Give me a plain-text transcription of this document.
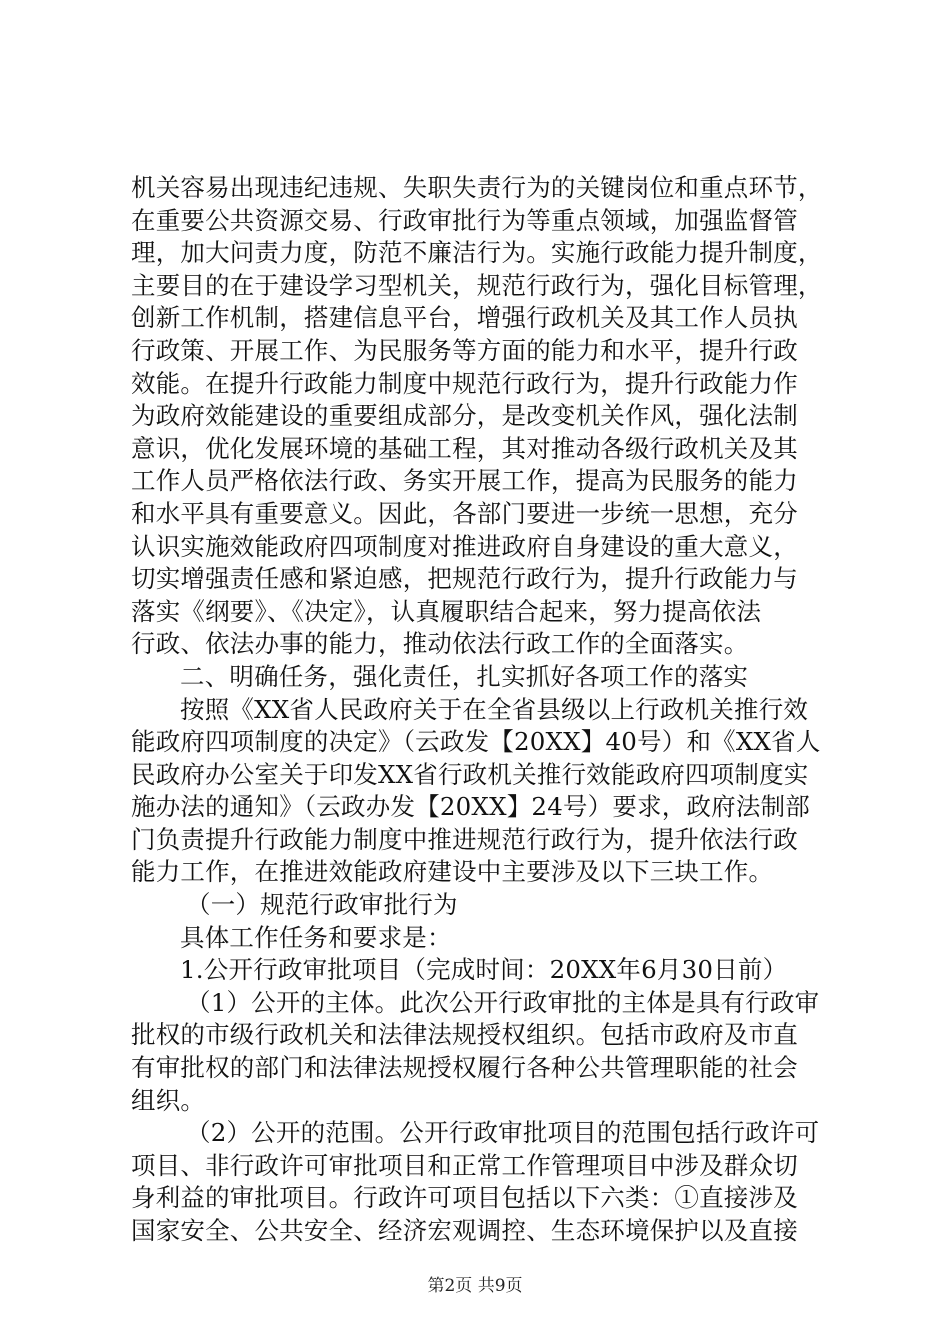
机关容易出现违纪违规、失职失责行为的关键岗位和重点环节，
在重要公共资源交易、行政审批行为等重点领域，加强监督管
理，加大问责力度，防范不廉洁行为。实施行政能力提升制度，
主要目的在于建设学习型机关，规范行政行为，强化目标管理，
创新工作机制，搭建信息平台，增强行政机关及其工作人员执
行政策、开展工作、为民服务等方面的能力和水平，提升行政
效能。在提升行政能力制度中规范行政行为，提升行政能力作
为政府效能建设的重要组成部分，是改变机关作风，强化法制
意识，优化发展环境的基础工程，其对推动各级行政机关及其
工作人员严格依法行政、务实开展工作，提高为民服务的能力
和水平具有重要意义。因此，各部门要进一步统一思想，充分
认识实施效能政府四项制度对推进政府自身建设的重大意义，
切实增强责任感和紧迫感，把规范行政行为，提升行政能力与
落实《纲要》、《决定》，认真履职结合起来，努力提高依法
行政、依法办事的能力，推动依法行政工作的全面落实。
二、明确任务，强化责任，扎实抓好各项工作的落实
按照《XX省人民政府关于在全省县级以上行政机关推行效
能政府四项制度的决定》（云政发【20XX】40号）和《XX省人
民政府办公室关于印发XX省行政机关推行效能政府四项制度实
施办法的通知》（云政办发【20XX】24号）要求，政府法制部
门负责提升行政能力制度中推进规范行政行为，提升依法行政
能力工作，在推进效能政府建设中主要涉及以下三块工作。
（一）规范行政审批行为
具体工作任务和要求是：
1.公开行政审批项目（完成时间：20XX年6月30日前）
（1）公开的主体。此次公开行政审批的主体是具有行政审
批权的市级行政机关和法律法规授权组织。包括市政府及市直
有审批权的部门和法律法规授权履行各种公共管理职能的社会
组织。
（2）公开的范围。公开行政审批项目的范围包括行政许可
项目、非行政许可审批项目和正常工作管理项目中涉及群众切
身利益的审批项目。行政许可项目包括以下六类：①直接涉及
国家安全、公共安全、经济宏观调控、生态环境保护以及直接
第2页 共9页
